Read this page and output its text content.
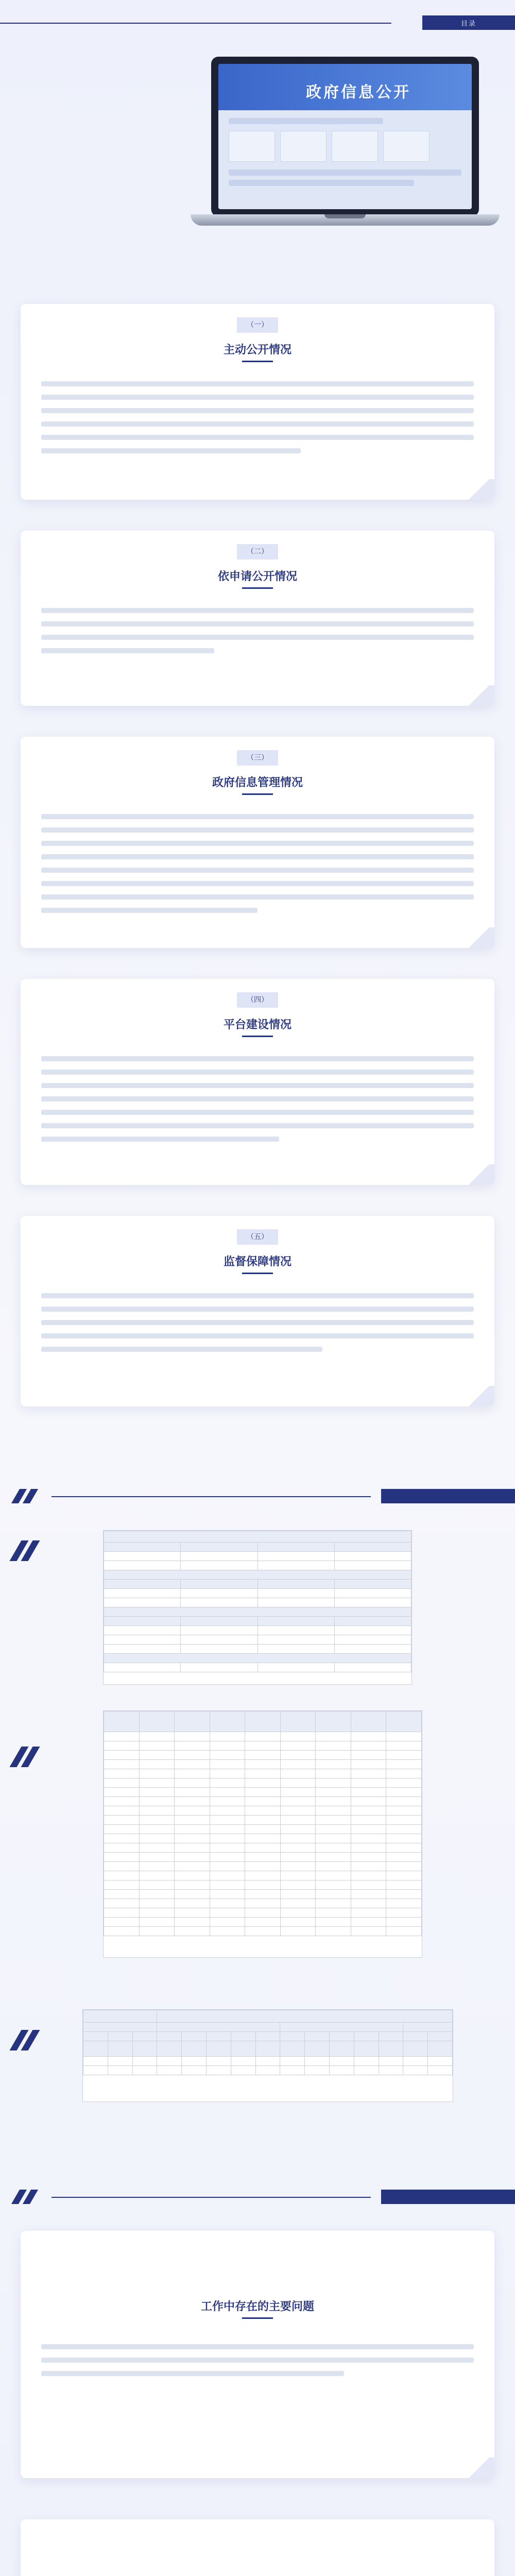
目录
政府信息公开
（一）
主动公开情况
（二）
依申请公开情况
（三）
政府信息管理情况
（四）
平台建设情况
（五）
监督保障情况

工作中存在的主要问题
